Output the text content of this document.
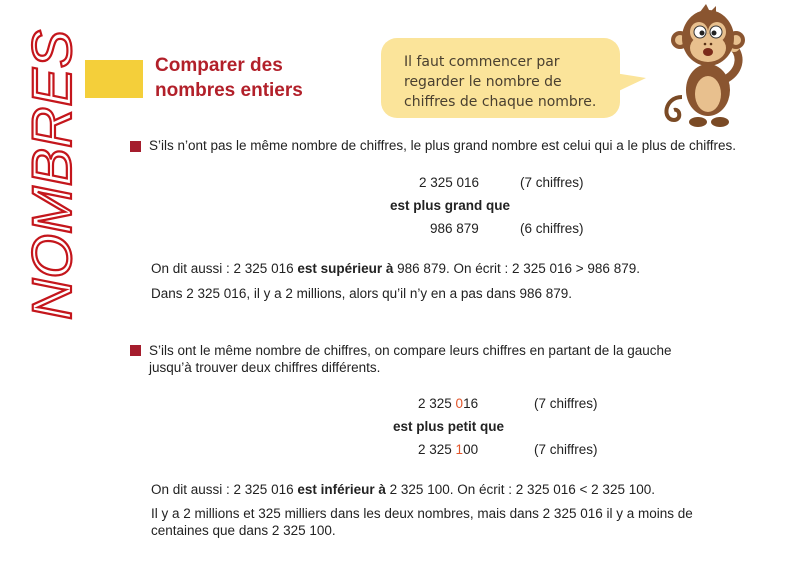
NOMBRES	Comparer des
nombres entiers
Il faut commencer par
regarder le nombre de
chiffres de chaque nombre.
S’ils n’ont pas le même nombre de chiffres, le plus grand nombre est celui qui a le plus de chiffres.
2 325 016	(7 chiffres)
est plus grand que
986 879	(6 chiffres)
On dit aussi : 2 325 016 est supérieur à 986 879. On écrit : 2 325 016 > 986 879.
Dans 2 325 016, il y a 2 millions, alors qu’il n’y en a pas dans 986 879.
S’ils ont le même nombre de chiffres, on compare leurs chiffres en partant de la gauche
jusqu’à trouver deux chiffres différents.
2 325 016	(7 chiffres)
est plus petit que
2 325 100	(7 chiffres)
On dit aussi : 2 325 016 est inférieur à 2 325 100. On écrit : 2 325 016 < 2 325 100.
Il y a 2 millions et 325 milliers dans les deux nombres, mais dans 2 325 016 il y a moins de
centaines que dans 2 325 100.
